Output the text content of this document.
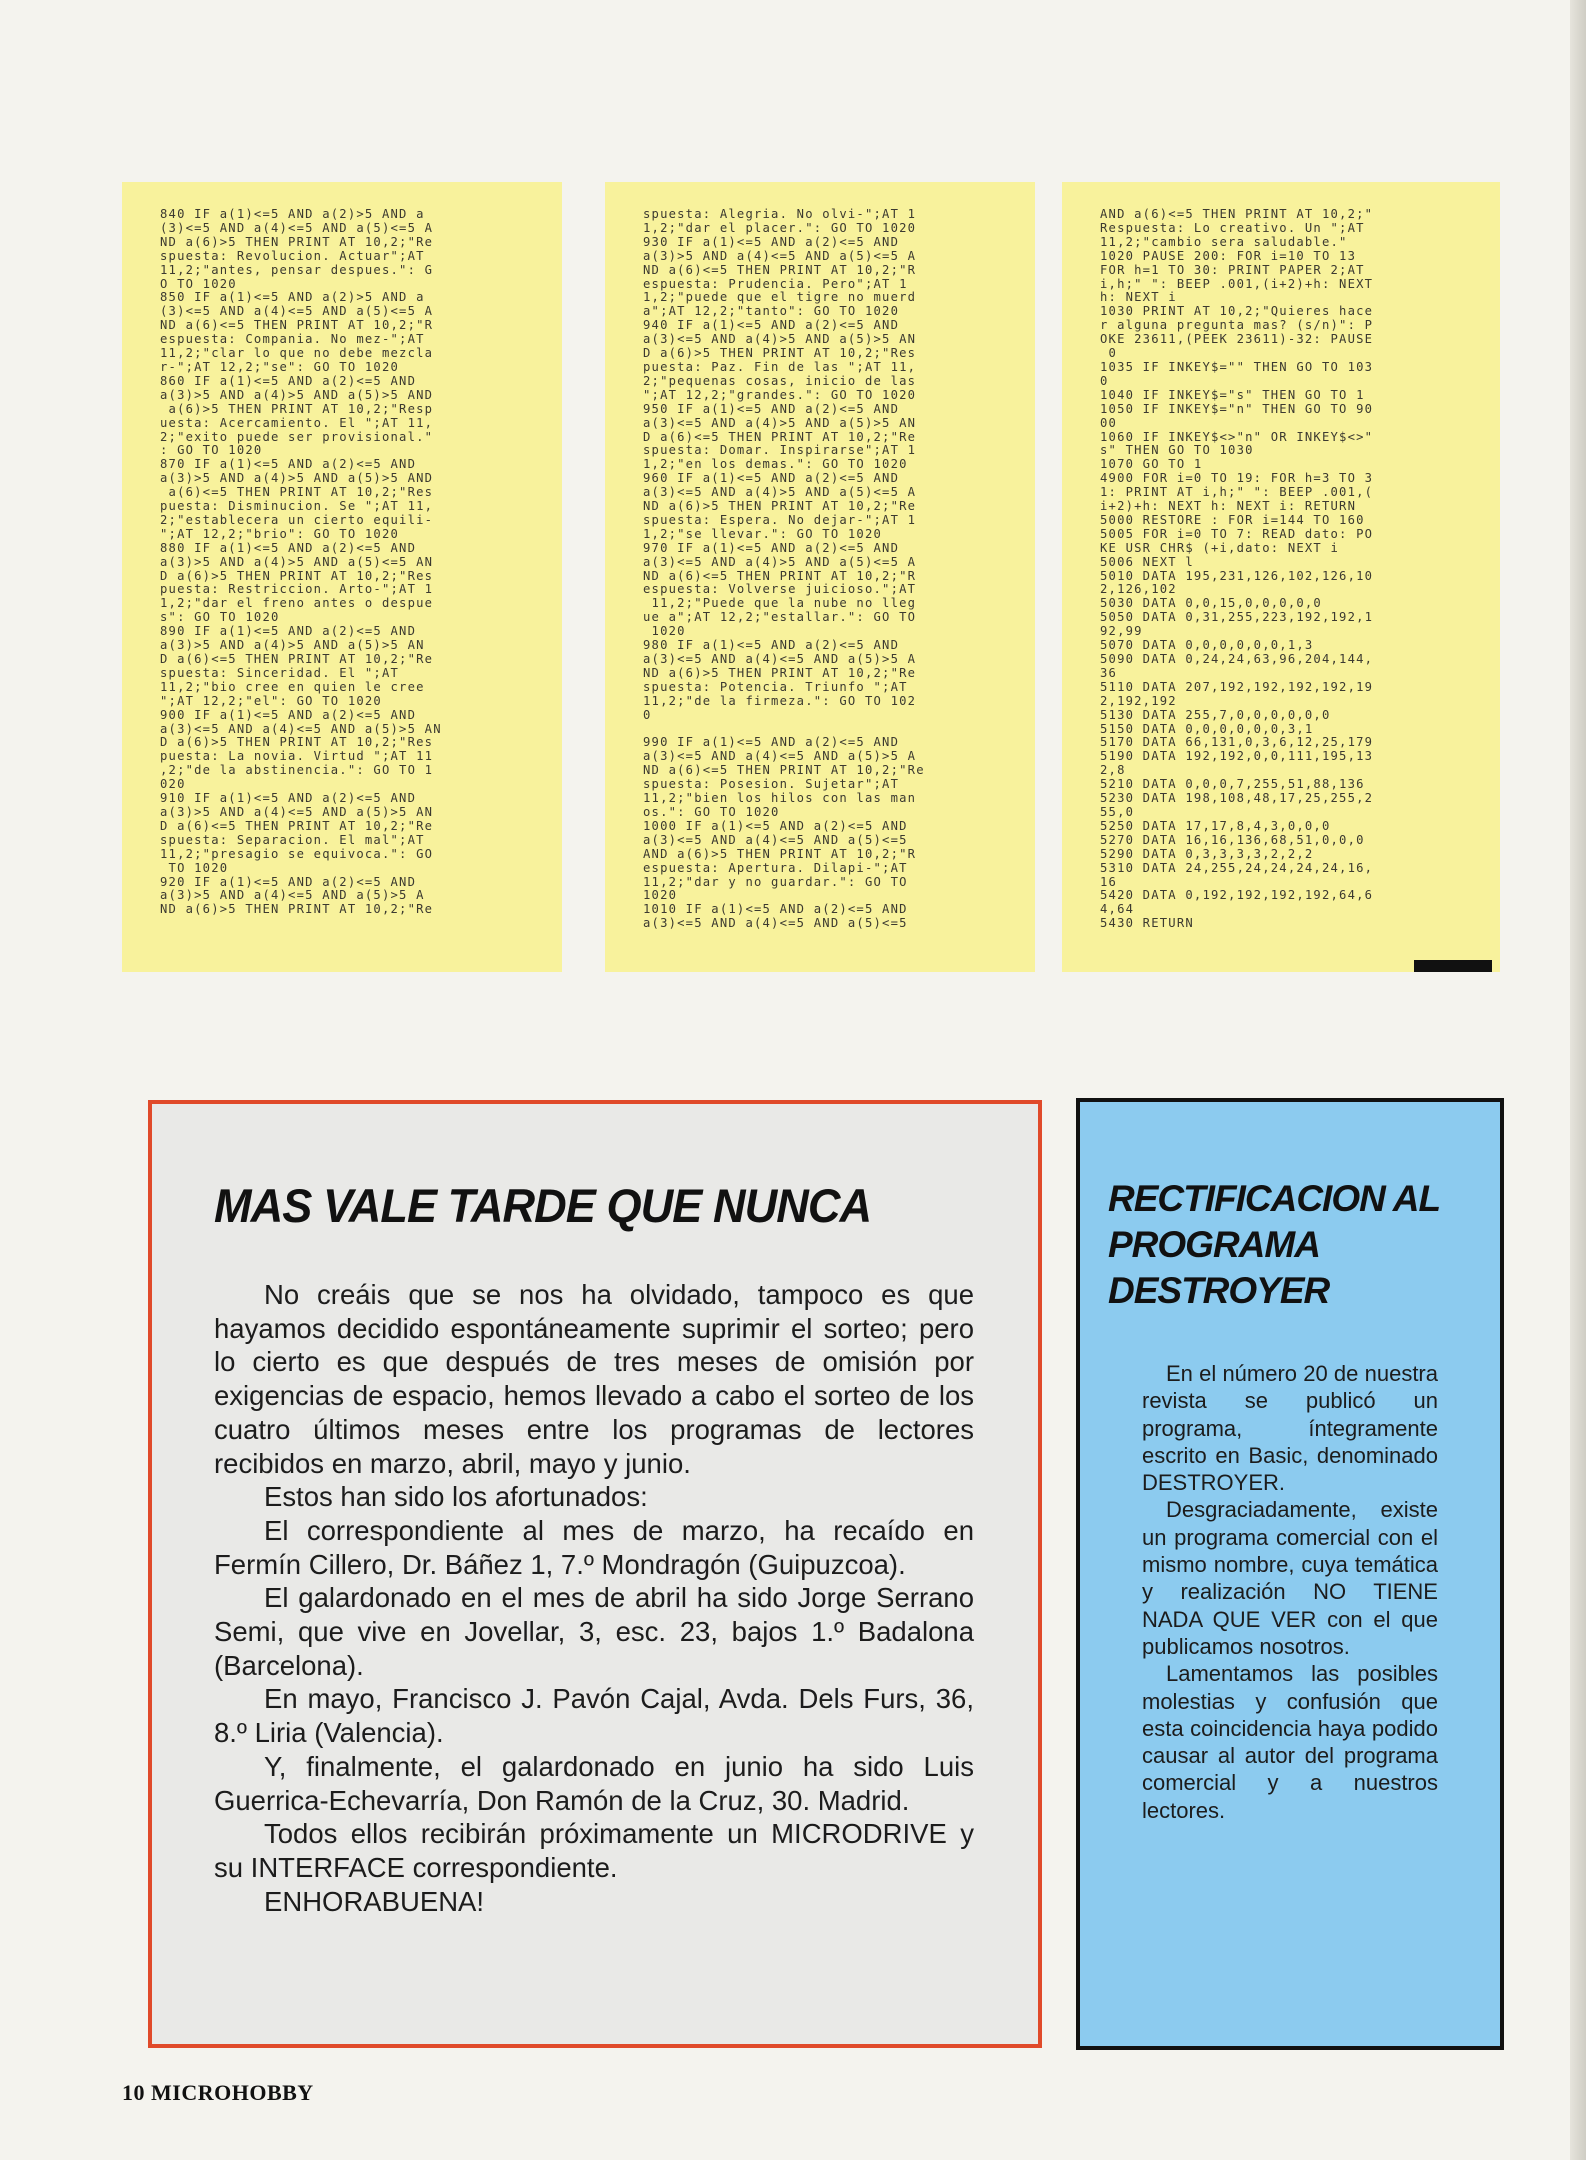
840 IF a(1)<=5 AND a(2)>5 AND a
(3)<=5 AND a(4)<=5 AND a(5)<=5 A
ND a(6)>5 THEN PRINT AT 10,2;"Re
spuesta: Revolucion. Actuar";AT
11,2;"antes, pensar despues.": G
O TO 1020
850 IF a(1)<=5 AND a(2)>5 AND a
(3)<=5 AND a(4)<=5 AND a(5)<=5 A
ND a(6)<=5 THEN PRINT AT 10,2;"R
espuesta: Compania. No mez-";AT
11,2;"clar lo que no debe mezcla
r-";AT 12,2;"se": GO TO 1020
860 IF a(1)<=5 AND a(2)<=5 AND
a(3)>5 AND a(4)>5 AND a(5)>5 AND
a(6)>5 THEN PRINT AT 10,2;"Resp
uesta: Acercamiento. El ";AT 11,
2;"exito puede ser provisional."
: GO TO 1020
870 IF a(1)<=5 AND a(2)<=5 AND
a(3)>5 AND a(4)>5 AND a(5)>5 AND
a(6)<=5 THEN PRINT AT 10,2;"Res
puesta: Disminucion. Se ";AT 11,
2;"establecera un cierto equili-
";AT 12,2;"brio": GO TO 1020
880 IF a(1)<=5 AND a(2)<=5 AND
a(3)>5 AND a(4)>5 AND a(5)<=5 AN
D a(6)>5 THEN PRINT AT 10,2;"Res
puesta: Restriccion. Arto-";AT 1
1,2;"dar el freno antes o despue
s": GO TO 1020
890 IF a(1)<=5 AND a(2)<=5 AND
a(3)>5 AND a(4)>5 AND a(5)>5 AN
D a(6)<=5 THEN PRINT AT 10,2;"Re
spuesta: Sinceridad. El ";AT
11,2;"bio cree en quien le cree
";AT 12,2;"el": GO TO 1020
900 IF a(1)<=5 AND a(2)<=5 AND
a(3)<=5 AND a(4)<=5 AND a(5)>5 AN
D a(6)>5 THEN PRINT AT 10,2;"Res
puesta: La novia. Virtud ";AT 11
,2;"de la abstinencia.": GO TO 1
020
910 IF a(1)<=5 AND a(2)<=5 AND
a(3)>5 AND a(4)<=5 AND a(5)>5 AN
D a(6)<=5 THEN PRINT AT 10,2;"Re
spuesta: Separacion. El mal";AT
11,2;"presagio se equivoca.": GO
TO 1020
920 IF a(1)<=5 AND a(2)<=5 AND
a(3)>5 AND a(4)<=5 AND a(5)>5 A
ND a(6)>5 THEN PRINT AT 10,2;"Re
spuesta: Alegria. No olvi-";AT 1
1,2;"dar el placer.": GO TO 1020
930 IF a(1)<=5 AND a(2)<=5 AND
a(3)>5 AND a(4)<=5 AND a(5)<=5 A
ND a(6)<=5 THEN PRINT AT 10,2;"R
espuesta: Prudencia. Pero";AT 1
1,2;"puede que el tigre no muerd
a";AT 12,2;"tanto": GO TO 1020
940 IF a(1)<=5 AND a(2)<=5 AND
a(3)<=5 AND a(4)>5 AND a(5)>5 AN
D a(6)>5 THEN PRINT AT 10,2;"Res
puesta: Paz. Fin de las ";AT 11,
2;"pequenas cosas, inicio de las
";AT 12,2;"grandes.": GO TO 1020
950 IF a(1)<=5 AND a(2)<=5 AND
a(3)<=5 AND a(4)>5 AND a(5)>5 AN
D a(6)<=5 THEN PRINT AT 10,2;"Re
spuesta: Domar. Inspirarse";AT 1
1,2;"en los demas.": GO TO 1020
960 IF a(1)<=5 AND a(2)<=5 AND
a(3)<=5 AND a(4)>5 AND a(5)<=5 A
ND a(6)>5 THEN PRINT AT 10,2;"Re
spuesta: Espera. No dejar-";AT 1
1,2;"se llevar.": GO TO 1020
970 IF a(1)<=5 AND a(2)<=5 AND
a(3)<=5 AND a(4)>5 AND a(5)<=5 A
ND a(6)<=5 THEN PRINT AT 10,2;"R
espuesta: Volverse juicioso.";AT
11,2;"Puede que la nube no lleg
ue a";AT 12,2;"estallar.": GO TO
1020
980 IF a(1)<=5 AND a(2)<=5 AND
a(3)<=5 AND a(4)<=5 AND a(5)>5 A
ND a(6)>5 THEN PRINT AT 10,2;"Re
spuesta: Potencia. Triunfo ";AT
11,2;"de la firmeza.": GO TO 102
0

990 IF a(1)<=5 AND a(2)<=5 AND
a(3)<=5 AND a(4)<=5 AND a(5)>5 A
ND a(6)<=5 THEN PRINT AT 10,2;"Re
spuesta: Posesion. Sujetar";AT
11,2;"bien los hilos con las man
os.": GO TO 1020
1000 IF a(1)<=5 AND a(2)<=5 AND
a(3)<=5 AND a(4)<=5 AND a(5)<=5
AND a(6)>5 THEN PRINT AT 10,2;"R
espuesta: Apertura. Dilapi-";AT
11,2;"dar y no guardar.": GO TO
1020
1010 IF a(1)<=5 AND a(2)<=5 AND
a(3)<=5 AND a(4)<=5 AND a(5)<=5
AND a(6)<=5 THEN PRINT AT 10,2;"
Respuesta: Lo creativo. Un ";AT
11,2;"cambio sera saludable."
1020 PAUSE 200: FOR i=10 TO 13
FOR h=1 TO 30: PRINT PAPER 2;AT
i,h;" ": BEEP .001,(i+2)+h: NEXT
h: NEXT i
1030 PRINT AT 10,2;"Quieres hace
r alguna pregunta mas? (s/n)": P
OKE 23611,(PEEK 23611)-32: PAUSE
0
1035 IF INKEY$="" THEN GO TO 103
0
1040 IF INKEY$="s" THEN GO TO 1
1050 IF INKEY$="n" THEN GO TO 90
00
1060 IF INKEY$<>"n" OR INKEY$<>"
s" THEN GO TO 1030
1070 GO TO 1
4900 FOR i=0 TO 19: FOR h=3 TO 3
1: PRINT AT i,h;" ": BEEP .001,(
i+2)+h: NEXT h: NEXT i: RETURN
5000 RESTORE : FOR i=144 TO 160
5005 FOR i=0 TO 7: READ dato: PO
KE USR CHR$ (+i,dato: NEXT i
5006 NEXT l
5010 DATA 195,231,126,102,126,10
2,126,102
5030 DATA 0,0,15,0,0,0,0,0
5050 DATA 0,31,255,223,192,192,1
92,99
5070 DATA 0,0,0,0,0,0,1,3
5090 DATA 0,24,24,63,96,204,144,
36
5110 DATA 207,192,192,192,192,19
2,192,192
5130 DATA 255,7,0,0,0,0,0,0
5150 DATA 0,0,0,0,0,0,3,1
5170 DATA 66,131,0,3,6,12,25,179
5190 DATA 192,192,0,0,111,195,13
2,8
5210 DATA 0,0,0,7,255,51,88,136
5230 DATA 198,108,48,17,25,255,2
55,0
5250 DATA 17,17,8,4,3,0,0,0
5270 DATA 16,16,136,68,51,0,0,0
5290 DATA 0,3,3,3,3,2,2,2
5310 DATA 24,255,24,24,24,24,16,
16
5420 DATA 0,192,192,192,192,64,6
4,64
5430 RETURN
MAS VALE TARDE QUE NUNCA

No creáis que se nos ha olvidado, tampoco es que hayamos decidido espontáneamente suprimir el sorteo; pero lo cierto es que después de tres meses de omisión por exigencias de espacio, hemos llevado a cabo el sorteo de los cuatro últimos meses entre los programas de lectores recibidos en marzo, abril, mayo y junio.

Estos han sido los afortunados:

El correspondiente al mes de marzo, ha recaído en Fermín Cillero, Dr. Báñez 1, 7.º Mondragón (Guipuzcoa).

El galardonado en el mes de abril ha sido Jorge Serrano Semi, que vive en Jovellar, 3, esc. 23, bajos 1.º Badalona (Barcelona).

En mayo, Francisco J. Pavón Cajal, Avda. Dels Furs, 36, 8.º Liria (Valencia).

Y, finalmente, el galardonado en junio ha sido Luis Guerrica-Echevarría, Don Ramón de la Cruz, 30. Madrid.

Todos ellos recibirán próximamente un MICRODRIVE y su INTERFACE correspondiente.

ENHORABUENA!

RECTIFICACION AL PROGRAMA DESTROYER

En el número 20 de nuestra revista se publicó un programa, íntegramente escrito en Basic, denominado DESTROYER.

Desgraciadamente, existe un programa comercial con el mismo nombre, cuya temática y realización NO TIENE NADA QUE VER con el que publicamos nosotros.

Lamentamos las posibles molestias y confusión que esta coincidencia haya podido causar al autor del programa comercial y a nuestros lectores.

10 MICROHOBBY
